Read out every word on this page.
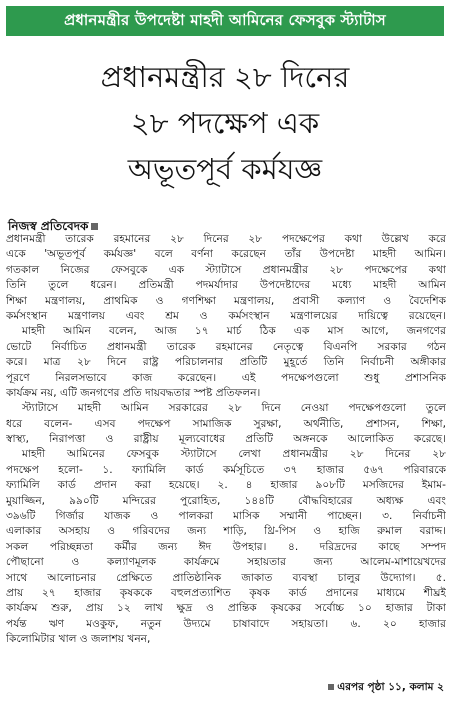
প্রধানমন্ত্রীর উপদেষ্টা মাহদী আমিনের ফেসবুক স্ট্যাটাস
প্রধানমন্ত্রীর ২৮ দিনের
২৮ পদক্ষেপ এক
অভূতপূর্ব কর্মযজ্ঞ
নিজস্ব প্রতিবেদক
প্রধানমন্ত্রী তারেক রহমানের ২৮ দিনের ২৮ পদক্ষেপের কথা উল্লেখ করে
একে 'অভূতপূর্ব কর্মযজ্ঞ' বলে বর্ণনা করেছেন তাঁর উপদেষ্টা মাহদী আমিন।
গতকাল নিজের ফেসবুকে এক স্ট্যাটাসে প্রধানমন্ত্রীর ২৮ পদক্ষেপের কথা
তিনি তুলে ধরেন। প্রতিমন্ত্রী পদমর্যাদার উপদেষ্টাদের মধ্যে মাহদী আমিন
শিক্ষা মন্ত্রণালয়, প্রাথমিক ও গণশিক্ষা মন্ত্রণালয়, প্রবাসী কল্যাণ ও বৈদেশিক
কর্মসংস্থান মন্ত্রণালয় এবং শ্রম ও কর্মসংস্থান মন্ত্রণালয়ের দায়িত্বে রয়েছেন।
মাহদী আমিন বলেন, আজ ১৭ মার্চ ঠিক এক মাস আগে, জনগণের
ভোটে নির্বাচিত প্রধানমন্ত্রী তারেক রহমানের নেতৃত্বে বিএনপি সরকার গঠন
করে। মাত্র ২৮ দিনে রাষ্ট্র পরিচালনার প্রতিটি মুহূর্তে তিনি নির্বাচনী অঙ্গীকার
পূরণে নিরলসভাবে কাজ করেছেন। এই পদক্ষেপগুলো শুধু প্রশাসনিক
কার্যক্রম নয়, এটি জনগণের প্রতি দায়বদ্ধতার স্পষ্ট প্রতিফলন।
স্ট্যাটাসে মাহদী আমিন সরকারের ২৮ দিনে নেওয়া পদক্ষেপগুলো তুলে
ধরে বলেন- এসব পদক্ষেপ সামাজিক সুরক্ষা, অর্থনীতি, প্রশাসন, শিক্ষা,
স্বাস্থ্য, নিরাপত্তা ও রাষ্ট্রীয় মূল্যবোধের প্রতিটি অঙ্গনকে আলোকিত করেছে।
মাহদী আমিনের ফেসবুক স্ট্যাটাসে লেখা প্রধানমন্ত্রীর ২৮ দিনের ২৮
পদক্ষেপ হলো- ১. ফ্যামিলি কার্ড কর্মসূচিতে ৩৭ হাজার ৫৬৭ পরিবারকে
ফ্যামিলি কার্ড প্রদান করা হয়েছে। ২. ৪ হাজার ৯০৮টি মসজিদের ইমাম-
মুয়াজ্জিন, ৯৯০টি মন্দিরের পুরোহিত, ১৪৪টি বৌদ্ধবিহারের অধ্যক্ষ এবং
৩৯৬টি গির্জার যাজক ও পালকরা মাসিক সম্মানী পাচ্ছেন। ৩. নির্বাচনী
এলাকার অসহায় ও গরিবদের জন্য শাড়ি, থ্রি-পিস ও হাজি রুমাল বরাদ্দ।
সকল পরিচ্ছন্নতা কর্মীর জন্য ঈদ উপহার। ৪. দরিদ্রদের কাছে সম্পদ
পৌছানো ও কল্যাণমূলক কার্যক্রমে সহায়তার জন্য আলেম-মাশায়েখদের
সাথে আলোচনার প্রেক্ষিতে প্রাতিষ্ঠানিক জাকাত ব্যবস্থা চালুর উদ্যোগ। ৫.
প্রায় ২৭ হাজার কৃষককে বহুলপ্রত্যাশিত কৃষক কার্ড প্রদানের মাধ্যমে শীঘ্রই
কার্যক্রম শুরু, প্রায় ১২ লাখ ক্ষুদ্র ও প্রান্তিক কৃষকের সর্বোচ্চ ১০ হাজার টাকা
পর্যন্ত ঋণ মওকুফ, নতুন উদ্যমে চাষাবাদে সহায়তা। ৬. ২০ হাজার
কিলোমিটার খাল ও জলাশয় খনন,
এরপর পৃষ্ঠা ১১, কলাম ২
